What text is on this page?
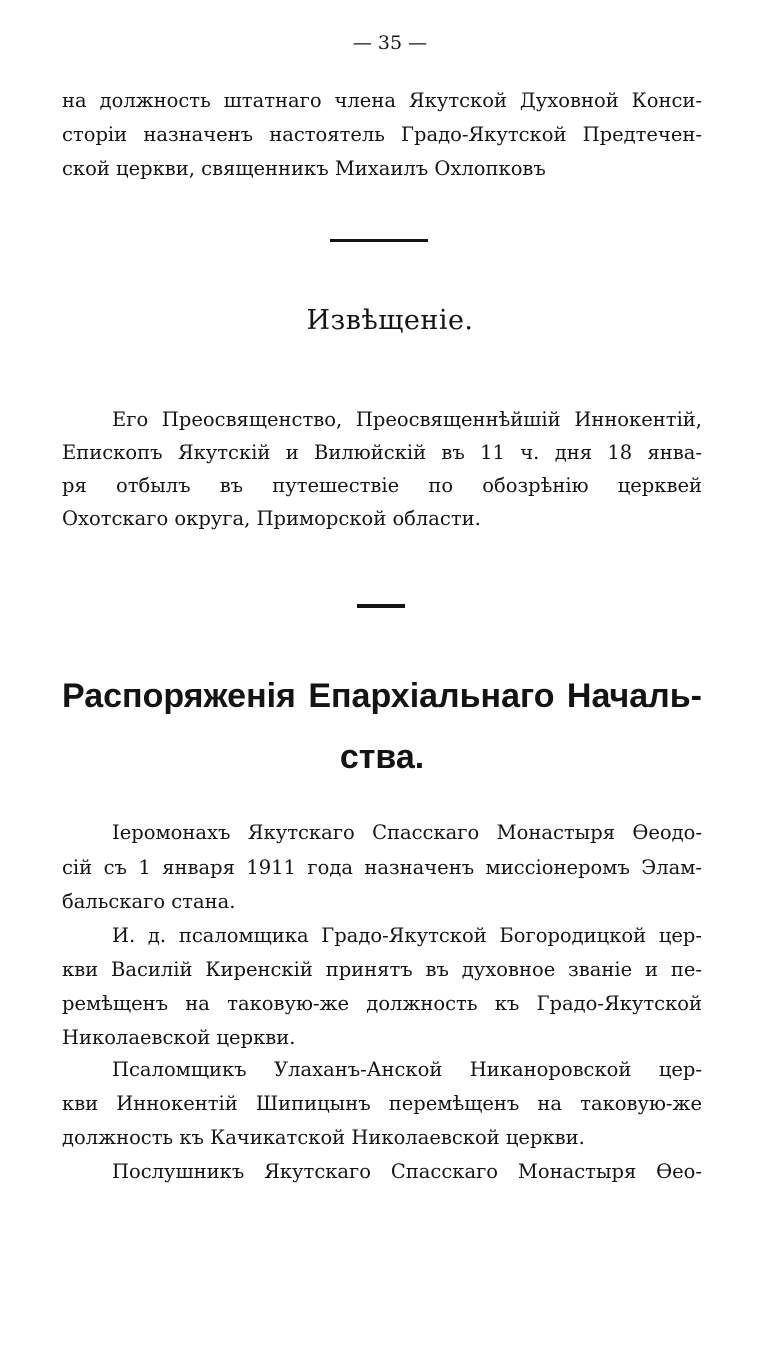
— 35 —

на должность штатнаго члена Якутской Духовной Конси-

сторіи назначенъ настоятель Градо-Якутской Предтечен-

ской церкви, священникъ Михаилъ Охлопковъ

Извѣщеніе.

Его Преосвященство, Преосвященнѣйшій Иннокентій,

Епископъ Якутскій и Вилюйскій въ 11 ч. дня 18 янва-

ря отбылъ въ путешествіе по обозрѣнію церквей

Охотскаго округа, Приморской области.

Распоряженія Епархіальнаго Началь-
ства.

Іеромонахъ Якутскаго Спасскаго Монастыря Өеодо-

сій съ 1 января 1911 года назначенъ миссіонеромъ Элам-

бальскаго стана.

И. д. псаломщика Градо-Якутской Богородицкой цер-

кви Василій Киренскій принятъ въ духовное званіе и пе-

ремѣщенъ на таковую-же должность къ Градо-Якутской

Николаевской церкви.

Псаломщикъ Улаханъ-Анской Никаноровской цер-

кви Иннокентій Шипицынъ перемѣщенъ на таковую-же

должность къ Качикатской Николаевской церкви.

Послушникъ Якутскаго Спасскаго Монастыря Өео-
